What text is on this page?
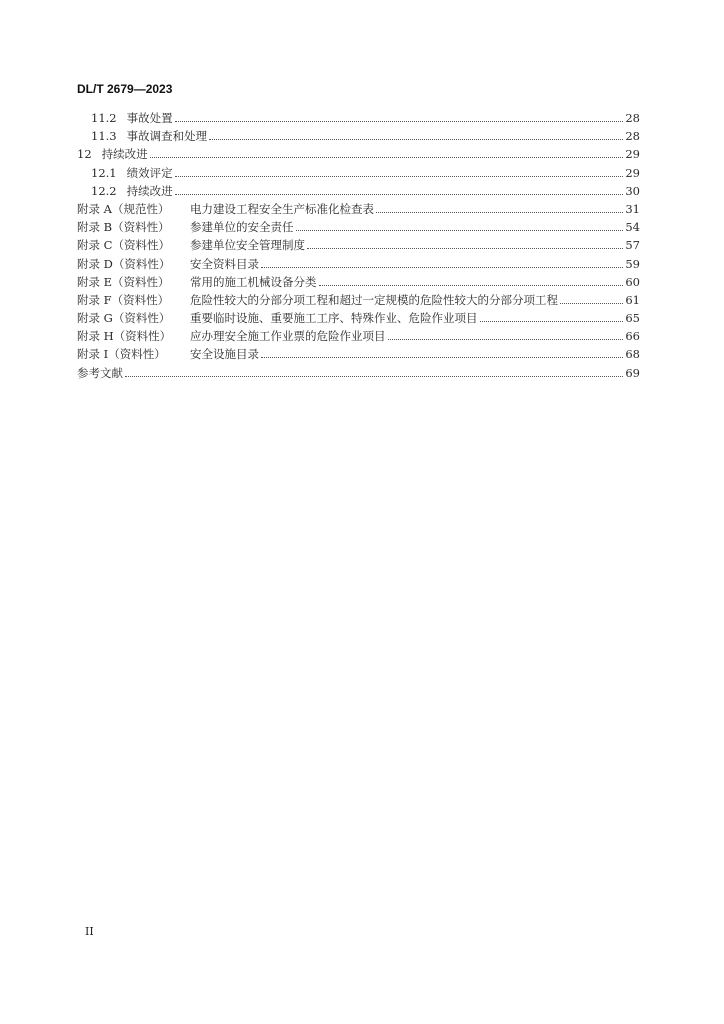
DL/T 2679—2023
11.2 事故处置	28
11.3 事故调查和处理	28
12 持续改进	29
12.1 绩效评定	29
12.2 持续改进	30
附录 A（规范性）	电力建设工程安全生产标准化检查表	31
附录 B（资料性）	参建单位的安全责任	54
附录 C（资料性）	参建单位安全管理制度	57
附录 D（资料性）	安全资料目录	59
附录 E（资料性）	常用的施工机械设备分类	60
附录 F（资料性）	危险性较大的分部分项工程和超过一定规模的危险性较大的分部分项工程	61
附录 G（资料性）	重要临时设施、重要施工工序、特殊作业、危险作业项目	65
附录 H（资料性）	应办理安全施工作业票的危险作业项目	66
附录 I（资料性）	安全设施目录	68
参考文献	69
II
